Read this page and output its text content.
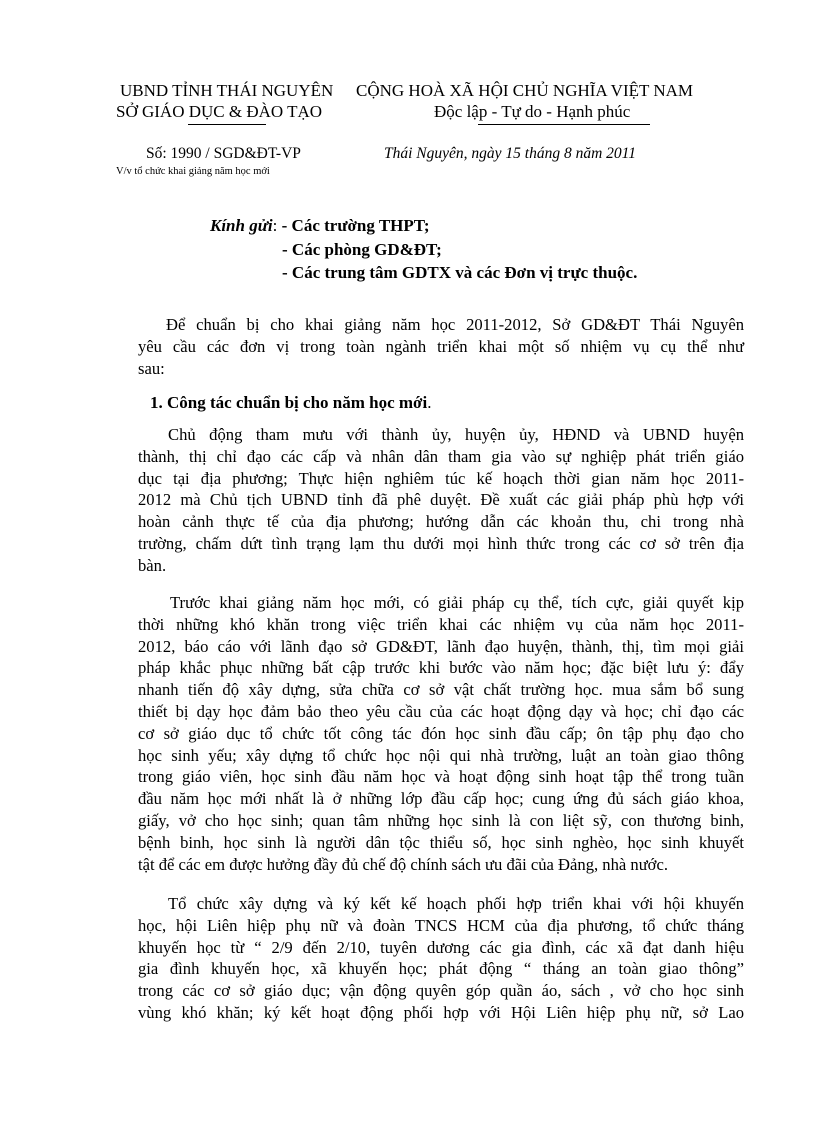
UBND TỈNH THÁI NGUYÊN
SỞ GIÁO DỤC & ĐÀO TẠO
CỘNG HOÀ XÃ HỘI CHỦ NGHĨA VIỆT NAM
Độc lập - Tự do - Hạnh phúc
Số: 1990 / SGD&ĐT-VP	Thái Nguyên, ngày 15 tháng 8 năm 2011
V/v tổ chức khai giảng năm học mới
Kính gửi: - Các trường THPT;
- Các phòng GD&ĐT;
- Các trung tâm GDTX và các Đơn vị trực thuộc.
Để chuẩn bị cho khai giảng năm học 2011-2012, Sở GD&ĐT Thái Nguyên
yêu cầu các đơn vị trong toàn ngành triển khai một số nhiệm vụ cụ thể như
sau:
1. Công tác chuẩn bị cho năm học mới.
Chủ động tham mưu với thành ủy, huyện ủy, HĐND và UBND huyện
thành, thị chỉ đạo các cấp và nhân dân tham gia vào sự nghiệp phát triển giáo
dục tại địa phương; Thực hiện nghiêm túc kế hoạch thời gian năm học 2011-
2012 mà Chủ tịch UBND tỉnh đã phê duyệt. Đề xuất các giải pháp phù hợp với
hoàn cảnh thực tế của địa phương; hướng dẫn các khoản thu, chi trong nhà
trường, chấm dứt tình trạng lạm thu dưới mọi hình thức trong các cơ sở trên địa
bàn.
Trước khai giảng năm học mới, có giải pháp cụ thể, tích cực, giải quyết kịp
thời những khó khăn trong việc triển khai các nhiệm vụ của năm học 2011-
2012, báo cáo với lãnh đạo sở GD&ĐT, lãnh đạo huyện, thành, thị, tìm mọi giải
pháp khắc phục những bất cập trước khi bước vào năm học; đặc biệt lưu ý: đẩy
nhanh tiến độ xây dựng, sửa chữa cơ sở vật chất trường học. mua sắm bổ sung
thiết bị dạy học đảm bảo theo yêu cầu của các hoạt động dạy và học; chỉ đạo các
cơ sở giáo dục tổ chức tốt công tác đón học sinh đầu cấp; ôn tập phụ đạo cho
học sinh yếu; xây dựng tổ chức học nội qui nhà trường, luật an toàn giao thông
trong giáo viên, học sinh đầu năm học và hoạt động sinh hoạt tập thể trong tuần
đầu năm học mới nhất là ở những lớp đầu cấp học; cung ứng đủ sách giáo khoa,
giấy, vở cho học sinh; quan tâm những học sinh là con liệt sỹ, con thương binh,
bệnh binh, học sinh là người dân tộc thiểu số, học sinh nghèo, học sinh khuyết
tật để các em được hưởng đầy đủ chế độ chính sách ưu đãi của Đảng, nhà nước.
Tổ chức xây dựng và ký kết kế hoạch phối hợp triển khai với hội khuyến
học, hội Liên hiệp phụ nữ và đoàn TNCS HCM của địa phương, tổ chức tháng
khuyến học từ “ 2/9 đến 2/10, tuyên dương các gia đình, các xã đạt danh hiệu
gia đình khuyến học, xã khuyến học; phát động “ tháng an toàn giao thông”
trong các cơ sở giáo dục; vận động quyên góp quần áo, sách , vở cho học sinh
vùng khó khăn; ký kết hoạt động phối hợp với Hội Liên hiệp phụ nữ, sở Lao
